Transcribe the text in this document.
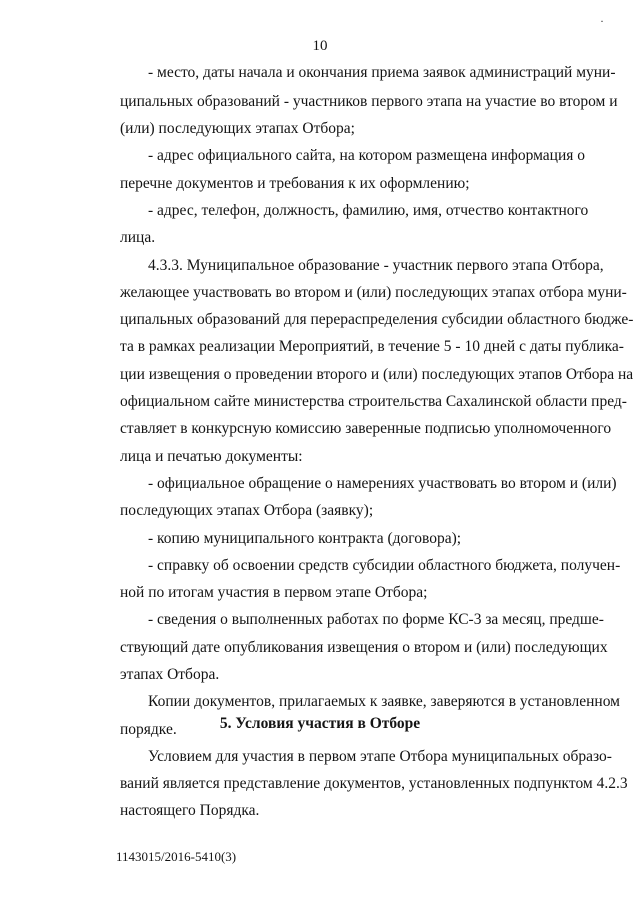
·
10
- место, даты начала и окончания приема заявок администраций муни-
ципальных образований - участников первого этапа на участие во втором и
(или) последующих этапах Отбора;
- адрес официального сайта, на котором размещена информация о
перечне документов и требования к их оформлению;
- адрес, телефон, должность, фамилию, имя, отчество контактного
лица.
4.3.3. Муниципальное образование - участник первого этапа Отбора,
желающее участвовать во втором и (или) последующих этапах отбора муни-
ципальных образований для перераспределения субсидии областного бюдже-
та в рамках реализации Мероприятий, в течение 5 - 10 дней с даты публика-
ции извещения о проведении второго и (или) последующих этапов Отбора на
официальном сайте министерства строительства Сахалинской области пред-
ставляет в конкурсную комиссию заверенные подписью уполномоченного
лица и печатью документы:
- официальное обращение о намерениях участвовать во втором и (или)
последующих этапах Отбора (заявку);
- копию муниципального контракта (договора);
- справку об освоении средств субсидии областного бюджета, получен-
ной по итогам участия в первом этапе Отбора;
- сведения о выполненных работах по форме КС-3 за месяц, предше-
ствующий дате опубликования извещения о втором и (или) последующих
этапах Отбора.
Копии документов, прилагаемых к заявке, заверяются в установленном
порядке.	5. Условия участия в Отборе
Условием для участия в первом этапе Отбора муниципальных образо-
ваний является представление документов, установленных подпунктом 4.2.3
настоящего Порядка.
1143015/2016-5410(3)
